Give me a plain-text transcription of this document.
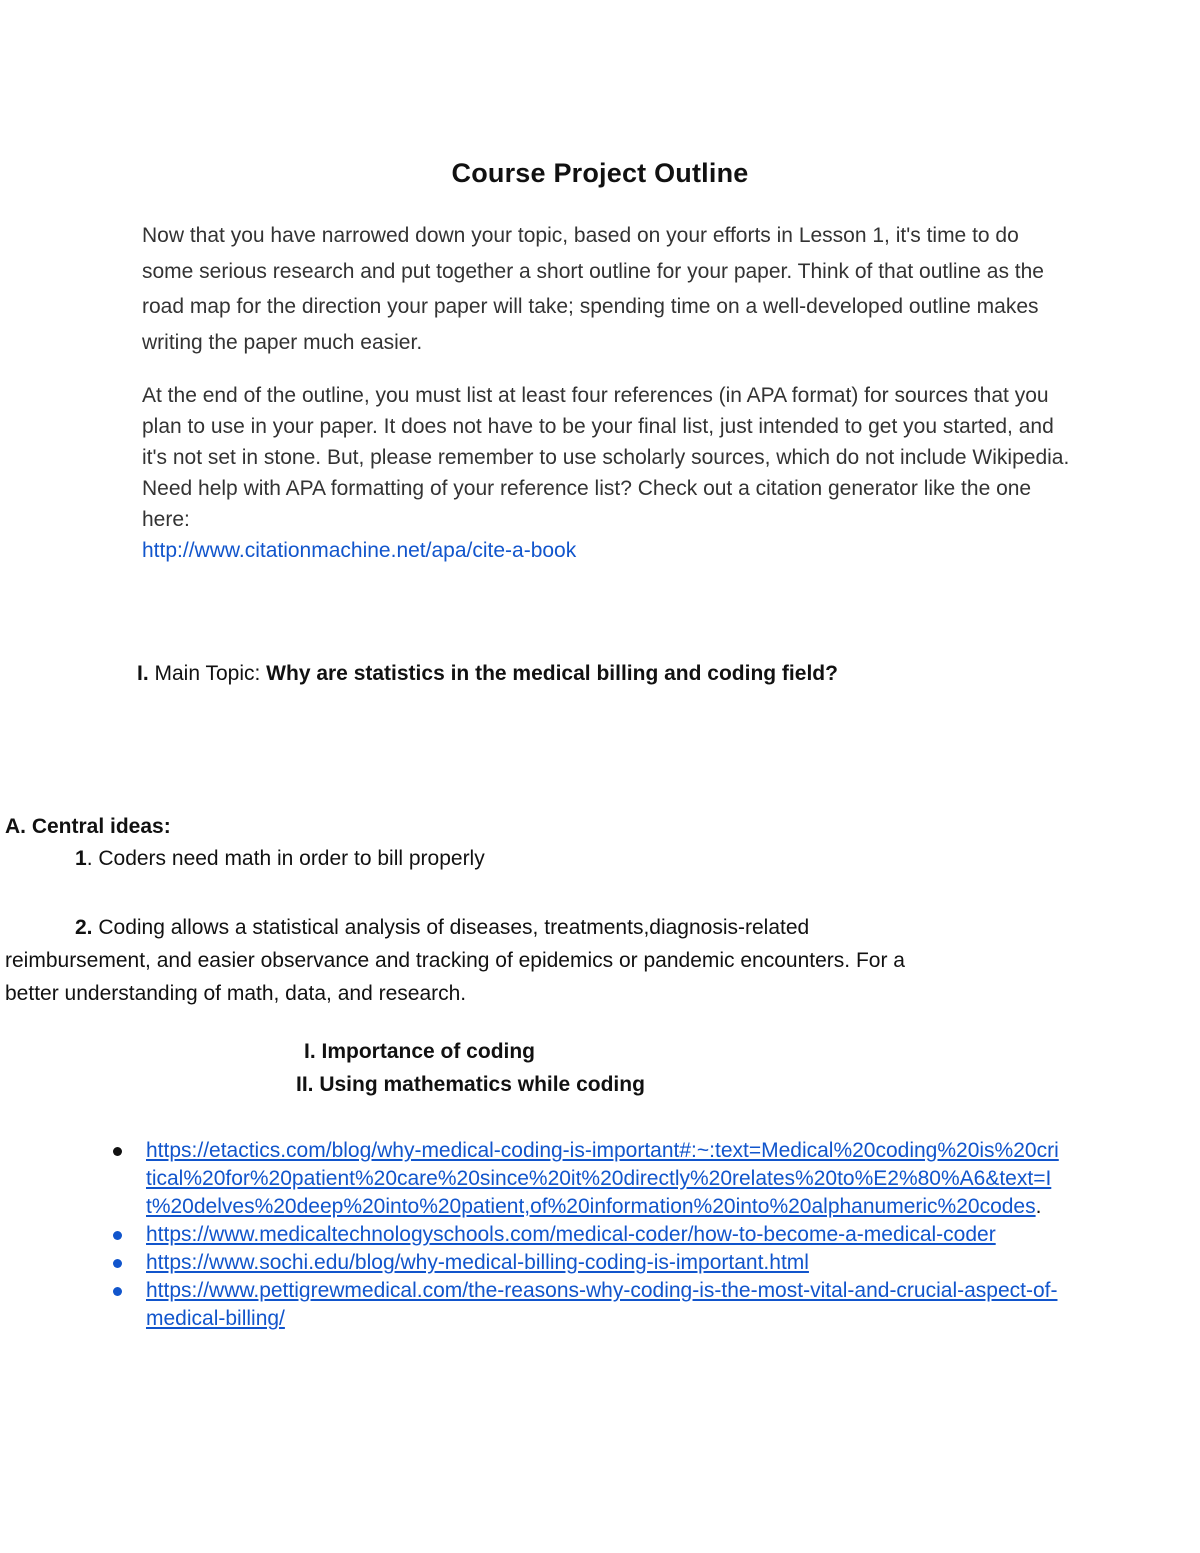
Course Project Outline
Now that you have narrowed down your topic, based on your efforts in Lesson 1, it's time to do some serious research and put together a short outline for your paper. Think of that outline as the road map for the direction your paper will take; spending time on a well-developed outline makes writing the paper much easier.
At the end of the outline, you must list at least four references (in APA format) for sources that you plan to use in your paper. It does not have to be your final list, just intended to get you started, and it's not set in stone. But, please remember to use scholarly sources, which do not include Wikipedia. Need help with APA formatting of your reference list? Check out a citation generator like the one here:
http://www.citationmachine.net/apa/cite-a-book
I. Main Topic: Why are statistics in the medical billing and coding field?
A. Central ideas:
1. Coders need math in order to bill properly
2. Coding allows a statistical analysis of diseases, treatments,diagnosis-related reimbursement, and easier observance and tracking of epidemics or pandemic encounters. For a better understanding of math, data, and research.
I. Importance of coding
II. Using mathematics while coding
https://etactics.com/blog/why-medical-coding-is-important#:~:text=Medical%20coding%20is%20critical%20for%20patient%20care%20since%20it%20directly%20relates%20to%E2%80%A6&text=It%20delves%20deep%20into%20patient,of%20information%20into%20alphanumeric%20codes.
https://www.medicaltechnologyschools.com/medical-coder/how-to-become-a-medical-coder
https://www.sochi.edu/blog/why-medical-billing-coding-is-important.html
https://www.pettigrewmedical.com/the-reasons-why-coding-is-the-most-vital-and-crucial-aspect-of-medical-billing/
